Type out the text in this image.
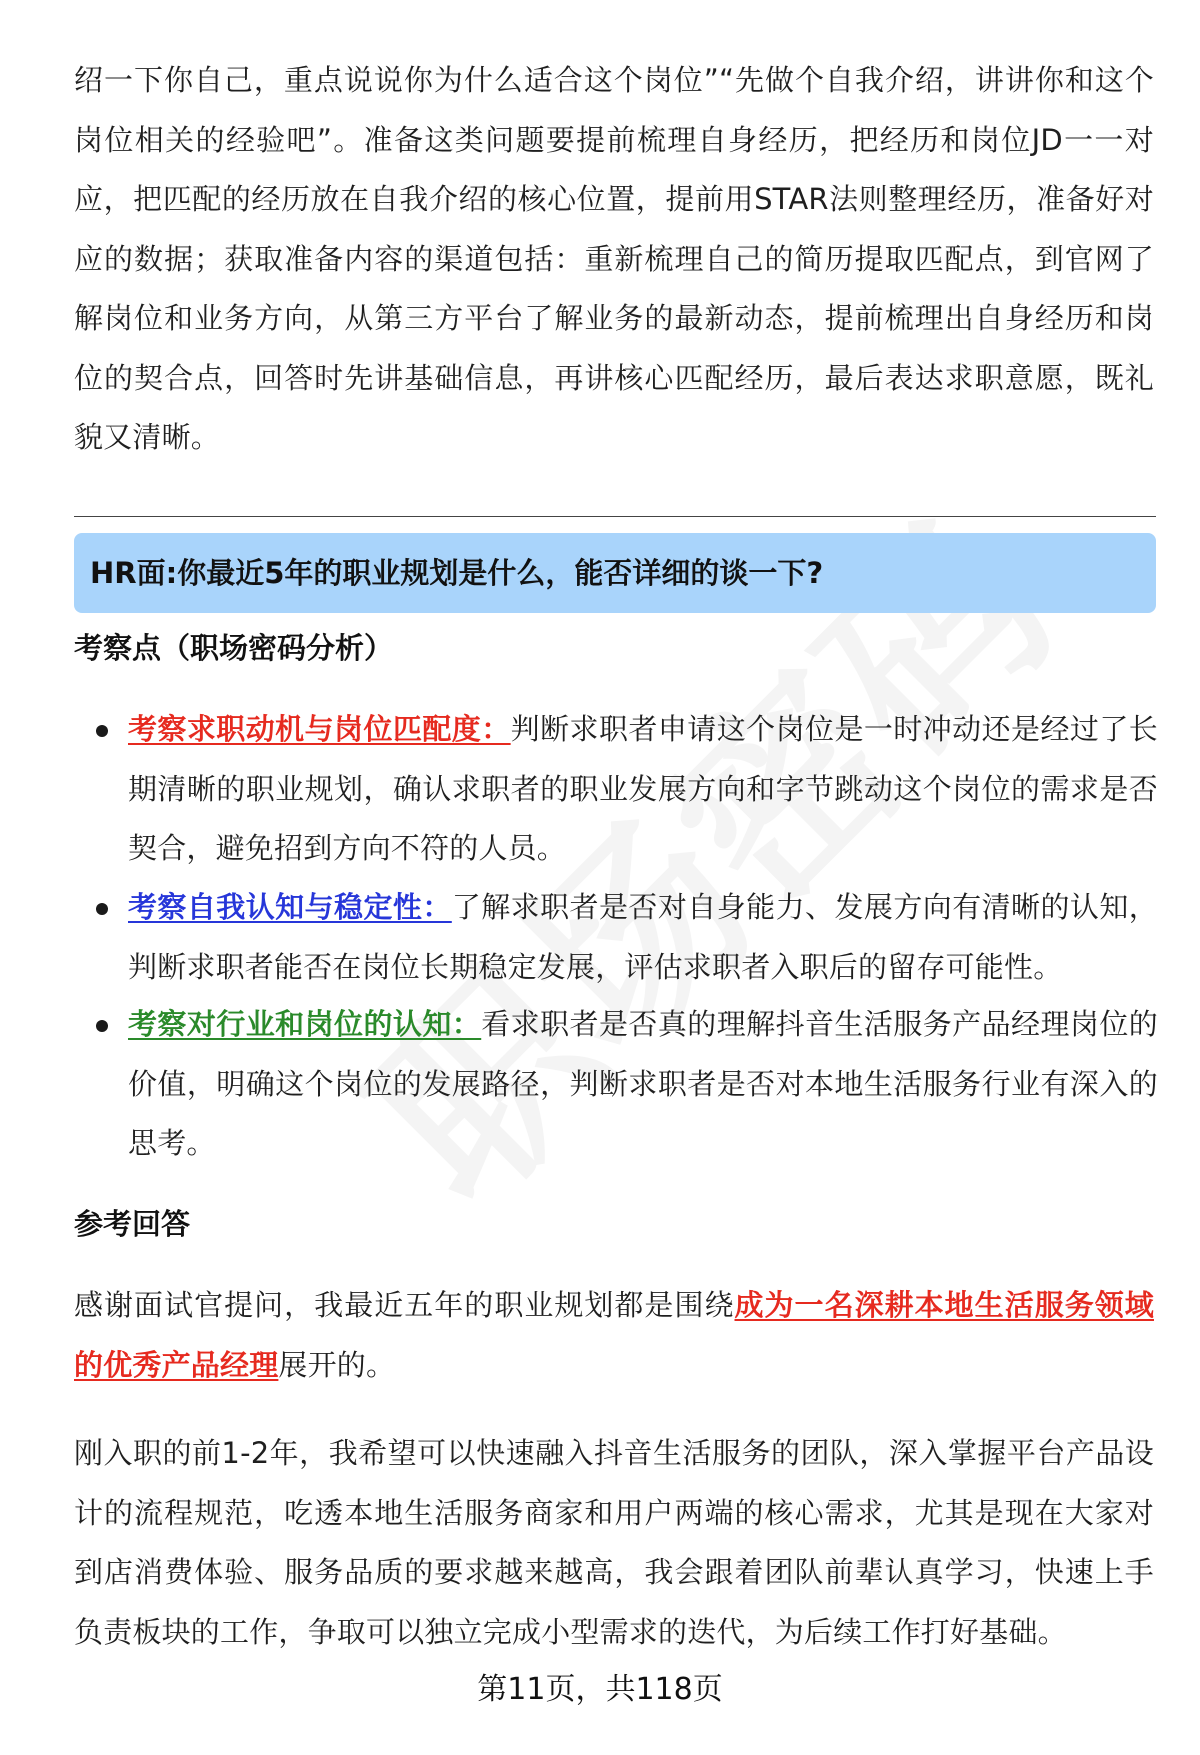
绍一下你自己，重点说说你为什么适合这个岗位”“先做个自我介绍，讲讲你和这个岗位相关的经验吧”。准备这类问题要提前梳理自身经历，把经历和岗位JD一一对应，把匹配的经历放在自我介绍的核心位置，提前用STAR法则整理经历，准备好对应的数据；获取准备内容的渠道包括：重新梳理自己的简历提取匹配点，到官网了解岗位和业务方向，从第三方平台了解业务的最新动态，提前梳理出自身经历和岗位的契合点，回答时先讲基础信息，再讲核心匹配经历，最后表达求职意愿，既礼貌又清晰。

HR面:你最近5年的职业规划是什么，能否详细的谈一下?
考察点（职场密码分析）
考察求职动机与岗位匹配度：判断求职者申请这个岗位是一时冲动还是经过了长期清晰的职业规划，确认求职者的职业发展方向和字节跳动这个岗位的需求是否契合，避免招到方向不符的人员。
考察自我认知与稳定性：了解求职者是否对自身能力、发展方向有清晰的认知，判断求职者能否在岗位长期稳定发展，评估求职者入职后的留存可能性。
考察对行业和岗位的认知：看求职者是否真的理解抖音生活服务产品经理岗位的价值，明确这个岗位的发展路径，判断求职者是否对本地生活服务行业有深入的思考。
参考回答

感谢面试官提问，我最近五年的职业规划都是围绕成为一名深耕本地生活服务领域的优秀产品经理展开的。

刚入职的前1-2年，我希望可以快速融入抖音生活服务的团队，深入掌握平台产品设计的流程规范，吃透本地生活服务商家和用户两端的核心需求，尤其是现在大家对到店消费体验、服务品质的要求越来越高，我会跟着团队前辈认真学习，快速上手负责板块的工作，争取可以独立完成小型需求的迭代，为后续工作打好基础。

第11页，共118页
